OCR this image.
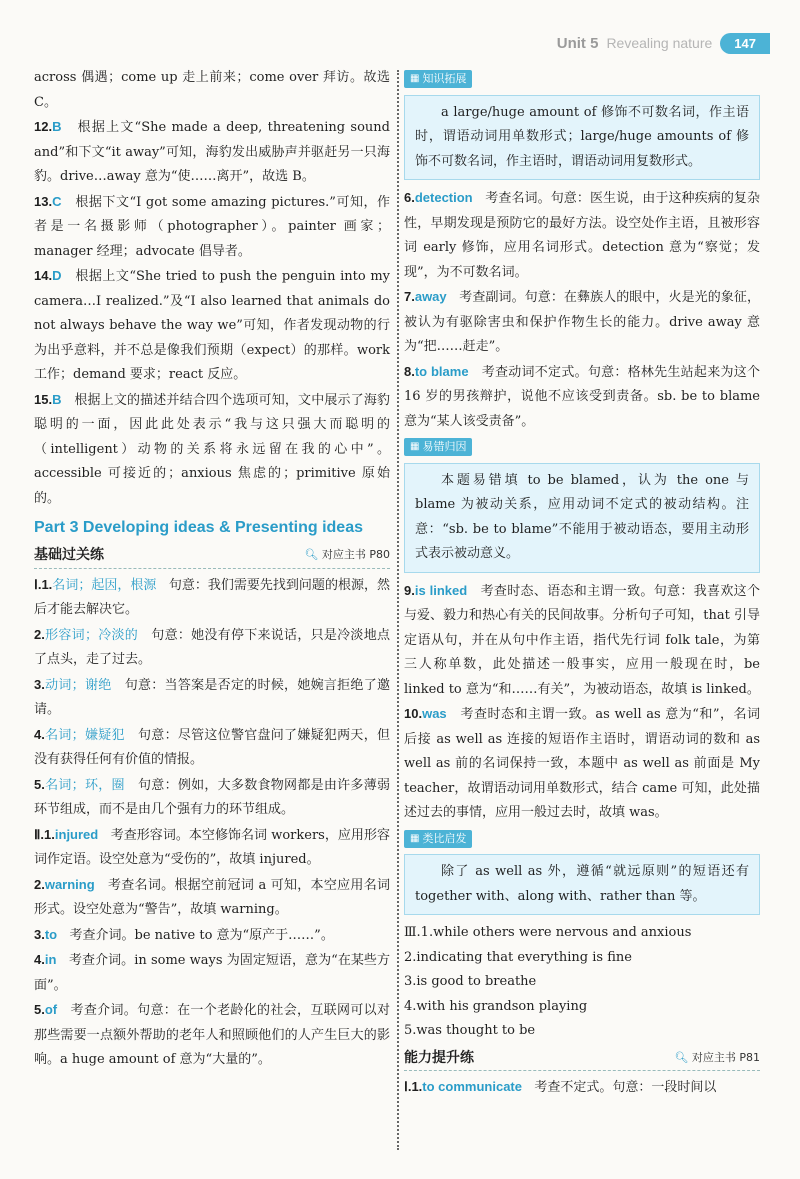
Unit 5 Revealing nature	147

across 偶遇；come up 走上前来；come over 拜访。故选 C。

12.B 根据上文“She made a deep, threatening sound and”和下文“it away”可知，海豹发出威胁声并驱赶另一只海豹。drive…away 意为“使……离开”，故选 B。

13.C 根据下文“I got some amazing pictures.”可知，作者是一名摄影师（photographer）。painter 画家；manager 经理；advocate 倡导者。

14.D 根据上文“She tried to push the penguin into my camera…I realized.”及“I also learned that animals do not always behave the way we”可知，作者发现动物的行为出乎意料，并不总是像我们预期（expect）的那样。work 工作；demand 要求；react 反应。

15.B 根据上文的描述并结合四个选项可知，文中展示了海豹聪明的一面，因此此处表示“我与这只强大而聪明的（intelligent）动物的关系将永远留在我的心中”。accessible 可接近的；anxious 焦虑的；primitive 原始的。

Part 3 Developing ideas & Presenting ideas
基础过关练	🔍︎ 对应主书 P80

Ⅰ.1.名词；起因，根源 句意：我们需要先找到问题的根源，然后才能去解决它。

2.形容词；冷淡的 句意：她没有停下来说话，只是冷淡地点了点头，走了过去。

3.动词；谢绝 句意：当答案是否定的时候，她婉言拒绝了邀请。

4.名词；嫌疑犯 句意：尽管这位警官盘问了嫌疑犯两天，但没有获得任何有价值的情报。

5.名词；环，圈 句意：例如，大多数食物网都是由许多薄弱环节组成，而不是由几个强有力的环节组成。

Ⅱ.1.injured 考查形容词。本空修饰名词 workers，应用形容词作定语。设空处意为“受伤的”，故填 injured。

2.warning 考查名词。根据空前冠词 a 可知，本空应用名词形式。设空处意为“警告”，故填 warning。

3.to 考查介词。be native to 意为“原产于……”。

4.in 考查介词。in some ways 为固定短语，意为“在某些方面”。

5.of 考查介词。句意：在一个老龄化的社会，互联网可以对那些需要一点额外帮助的老年人和照顾他们的人产生巨大的影响。a huge amount of 意为“大量的”。

▦ 知识拓展
a large/huge amount of 修饰不可数名词，作主语时，谓语动词用单数形式；large/huge amounts of 修饰不可数名词，作主语时，谓语动词用复数形式。

6.detection 考查名词。句意：医生说，由于这种疾病的复杂性，早期发现是预防它的最好方法。设空处作主语，且被形容词 early 修饰，应用名词形式。detection 意为“察觉；发现”，为不可数名词。

7.away 考查副词。句意：在彝族人的眼中，火是光的象征，被认为有驱除害虫和保护作物生长的能力。drive away 意为“把……赶走”。

8.to blame 考查动词不定式。句意：格林先生站起来为这个 16 岁的男孩辩护，说他不应该受到责备。sb. be to blame 意为“某人该受责备”。

▦ 易错归因
本题易错填 to be blamed，认为 the one 与 blame 为被动关系，应用动词不定式的被动结构。注意：“sb. be to blame”不能用于被动语态，要用主动形式表示被动意义。

9.is linked 考查时态、语态和主谓一致。句意：我喜欢这个与爱、毅力和热心有关的民间故事。分析句子可知，that 引导定语从句，并在从句中作主语，指代先行词 folk tale，为第三人称单数，此处描述一般事实，应用一般现在时，be linked to 意为“和……有关”，为被动语态，故填 is linked。

10.was 考查时态和主谓一致。as well as 意为“和”，名词后接 as well as 连接的短语作主语时，谓语动词的数和 as well as 前的名词保持一致，本题中 as well as 前面是 My teacher，故谓语动词用单数形式，结合 came 可知，此处描述过去的事情，应用一般过去时，故填 was。

▦ 类比启发
除了 as well as 外，遵循“就远原则”的短语还有 together with、along with、rather than 等。

Ⅲ.1.while others were nervous and anxious

2.indicating that everything is fine

3.is good to breathe

4.with his grandson playing

5.was thought to be

能力提升练	🔍︎ 对应主书 P81

Ⅰ.1.to communicate 考查不定式。句意：一段时间以
